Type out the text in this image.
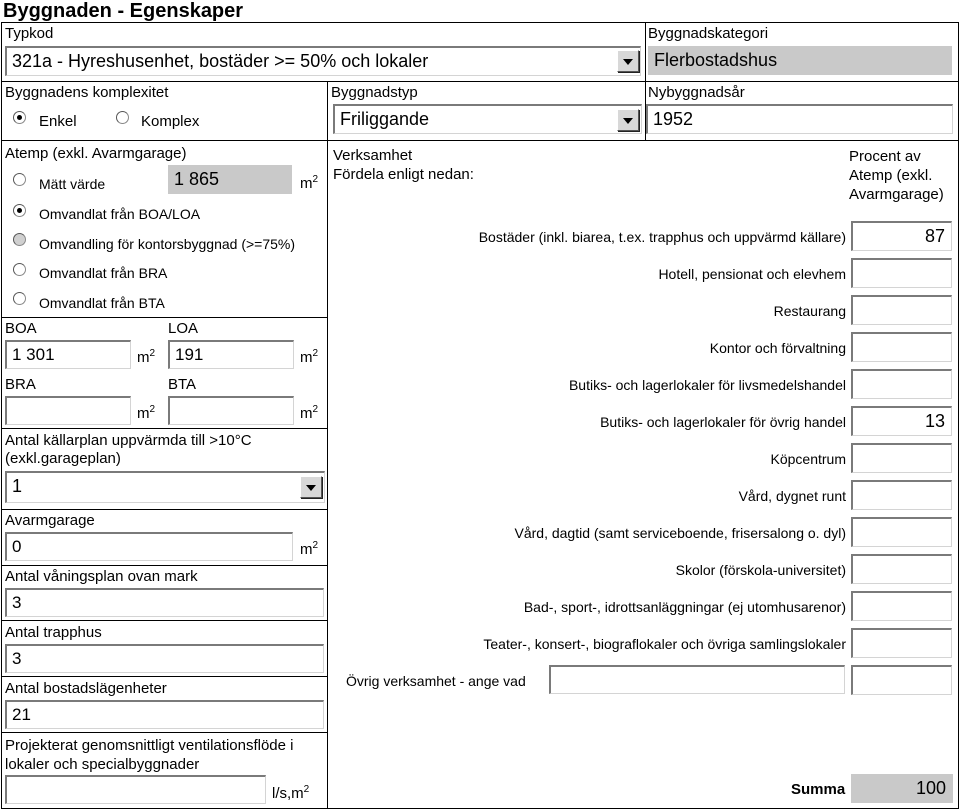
Byggnaden - Egenskaper
Typkod
321a - Hyreshusenhet, bostäder >= 50% och lokaler
Byggnadskategori
Flerbostadshus
Byggnadens komplexitet
Enkel	Komplex
Byggnadstyp
Friliggande
Nybyggnadsår
1952
Atemp (exkl. Avarmgarage)
Mätt värde	1 865	$m^2$
Omvandlat från BOA/LOA
Omvandling för kontorsbyggnad (>=75%)
Omvandlat från BRA
Omvandlat från BTA
BOA	LOA
1 301	$m^2$	191	$m^2$
BRA	BTA
$m^2$	$m^2$
Antal källarplan uppvärmda till >10°C
(exkl.garageplan)
1
Avarmgarage
0	$m^2$
Antal våningsplan ovan mark
3
Antal trapphus
3
Antal bostadslägenheter
21
Projekterat genomsnittligt ventilationsflöde i
lokaler och specialbyggnader
$l/s,m^2$
Verksamhet
Fördela enligt nedan:
Procent av
Atemp (exkl.
Avarmgarage)
Bostäder (inkl. biarea, t.ex. trapphus och uppvärmd källare)	87
Hotell, pensionat och elevhem
Restaurang
Kontor och förvaltning
Butiks- och lagerlokaler för livsmedelshandel
Butiks- och lagerlokaler för övrig handel	13
Köpcentrum
Vård, dygnet runt
Vård, dagtid (samt serviceboende, frisersalong o. dyl)
Skolor (förskola-universitet)
Bad-, sport-, idrottsanläggningar (ej utomhusarenor)
Teater-, konsert-, biograflokaler och övriga samlingslokaler
Övrig verksamhet - ange vad
Summa	100
